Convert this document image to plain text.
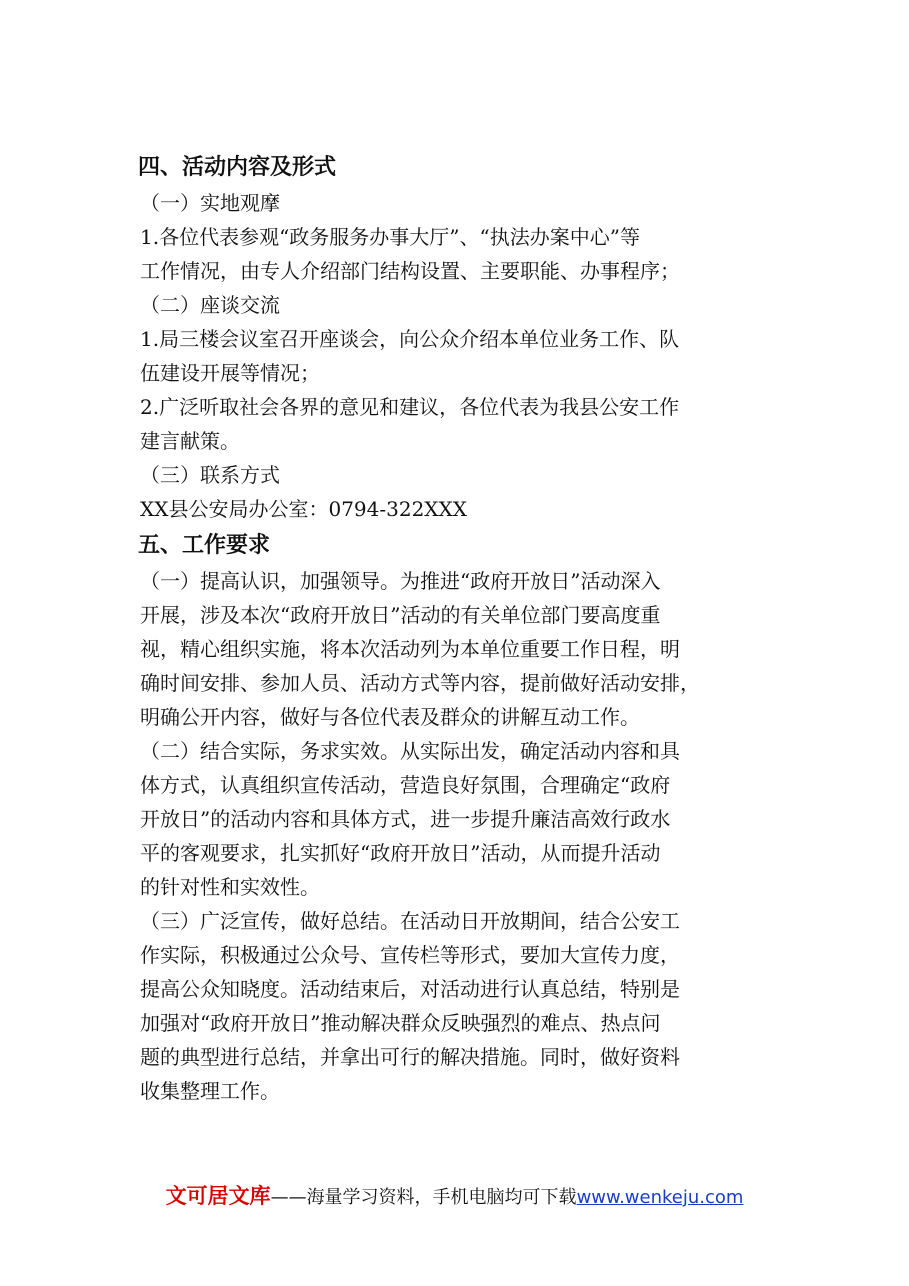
四、活动内容及形式
（一）实地观摩
1.各位代表参观“政务服务办事大厅”、“执法办案中心”等
工作情况，由专人介绍部门结构设置、主要职能、办事程序；
（二）座谈交流
1.局三楼会议室召开座谈会，向公众介绍本单位业务工作、队
伍建设开展等情况；
2.广泛听取社会各界的意见和建议，各位代表为我县公安工作
建言献策。
（三）联系方式
XX县公安局办公室：0794-322XXX
五、工作要求
（一）提高认识，加强领导。为推进“政府开放日”活动深入
开展，涉及本次“政府开放日”活动的有关单位部门要高度重
视，精心组织实施，将本次活动列为本单位重要工作日程，明
确时间安排、参加人员、活动方式等内容，提前做好活动安排，
明确公开内容，做好与各位代表及群众的讲解互动工作。
（二）结合实际，务求实效。从实际出发，确定活动内容和具
体方式，认真组织宣传活动，营造良好氛围，合理确定“政府
开放日”的活动内容和具体方式，进一步提升廉洁高效行政水
平的客观要求，扎实抓好“政府开放日”活动，从而提升活动
的针对性和实效性。
（三）广泛宣传，做好总结。在活动日开放期间，结合公安工
作实际，积极通过公众号、宣传栏等形式，要加大宣传力度，
提高公众知晓度。活动结束后，对活动进行认真总结，特别是
加强对“政府开放日”推动解决群众反映强烈的难点、热点问
题的典型进行总结，并拿出可行的解决措施。同时，做好资料
收集整理工作。
文可居文库——海量学习资料，手机电脑均可下载www.wenkeju.com
